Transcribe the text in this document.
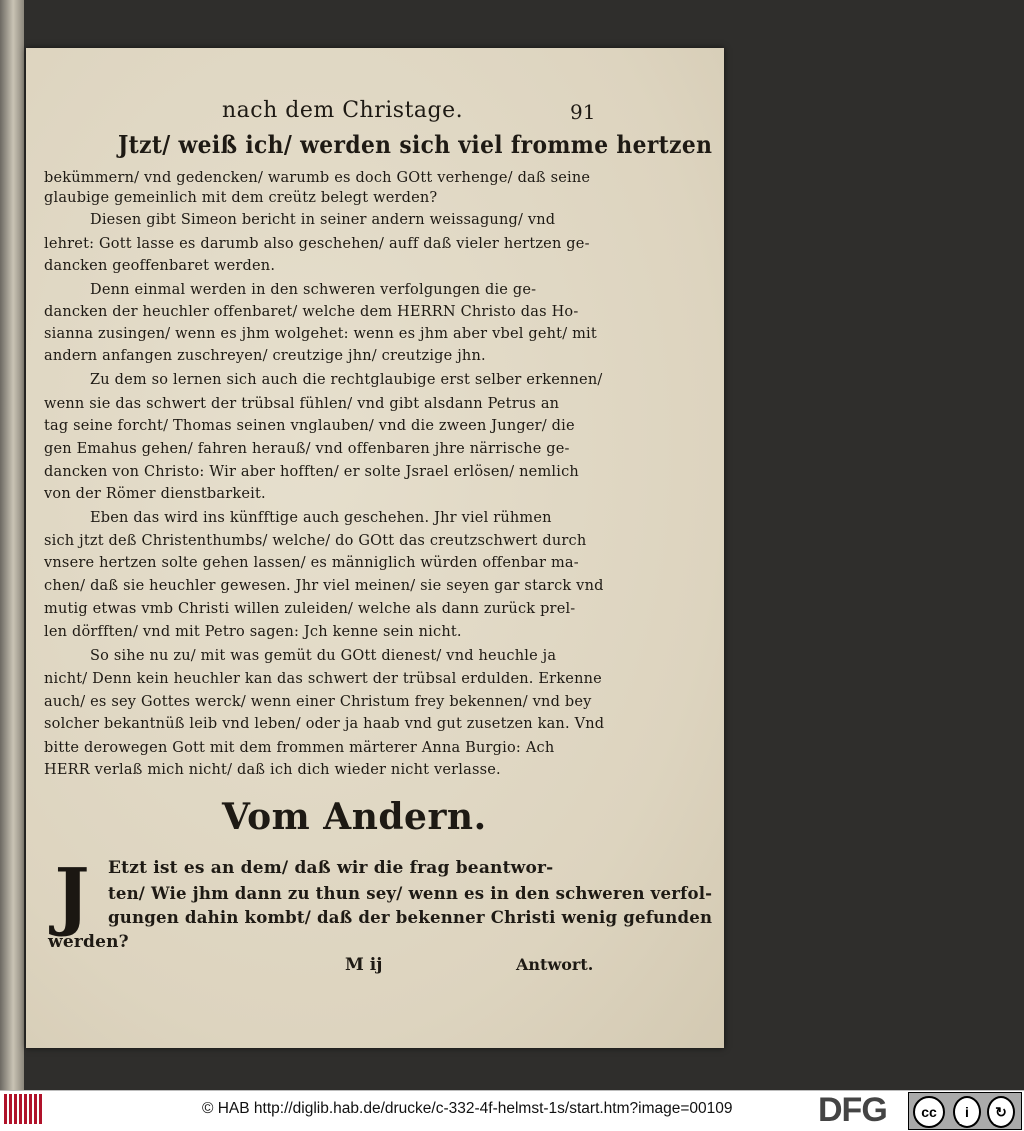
Jtzt/ weiß ich/ werden sich viel fromme hertzen
bekümmern/ vnd gedencken/ warumb es doch GOtt verhenge/ daß seine
glaubige gemeinlich mit dem creütz belegt werden?
Diesen gibt Simeon bericht in seiner andern weissagung/ vnd
lehret: Gott lasse es darumb also geschehen/ auff daß vieler hertzen ge-
dancken geoffenbaret werden.
Denn einmal werden in den schweren verfolgungen die ge-
dancken der heuchler offenbaret/ welche dem HERRN Christo das Ho-
sianna zusingen/ wenn es jhm wolgehet: wenn es jhm aber vbel geht/ mit
andern anfangen zuschreyen/ creutzige jhn/ creutzige jhn.
Zu dem so lernen sich auch die rechtglaubige erst selber erkennen/
wenn sie das schwert der trübsal fühlen/ vnd gibt alsdann Petrus an
tag seine forcht/ Thomas seinen vnglauben/ vnd die zween Junger/ die
gen Emahus gehen/ fahren herauß/ vnd offenbaren jhre närrische ge-
dancken von Christo: Wir aber hofften/ er solte Jsrael erlösen/ nemlich
von der Römer dienstbarkeit.
Eben das wird ins künfftige auch geschehen. Jhr viel rühmen
sich jtzt deß Christenthumbs/ welche/ do GOtt das creutzschwert durch
vnsere hertzen solte gehen lassen/ es männiglich würden offenbar ma-
chen/ daß sie heuchler gewesen. Jhr viel meinen/ sie seyen gar starck vnd
mutig etwas vmb Christi willen zuleiden/ welche als dann zurück prel-
len dörfften/ vnd mit Petro sagen: Jch kenne sein nicht.
So sihe nu zu/ mit was gemüt du GOtt dienest/ vnd heuchle ja
nicht/ Denn kein heuchler kan das schwert der trübsal erdulden. Erkenne
auch/ es sey Gottes werck/ wenn einer Christum frey bekennen/ vnd bey
solcher bekantnüß leib vnd leben/ oder ja haab vnd gut zusetzen kan. Vnd
bitte derowegen Gott mit dem frommen märterer Anna Burgio: Ach
HERR verlaß mich nicht/ daß ich dich wieder nicht verlasse.
Etzt ist es an dem/ daß wir die frag beantwor-
ten/ Wie jhm dann zu thun sey/ wenn es in den schweren verfol-
gungen dahin kombt/ daß der bekenner Christi wenig gefunden
werden?
nach dem Christage.	91
Vom Andern.
J
M ij	Antwort.
© HAB http://diglib.hab.de/drucke/c-332-4f-helmst-1s/start.htm?image=00109	DFG	cc	i	↻
BY	SA
